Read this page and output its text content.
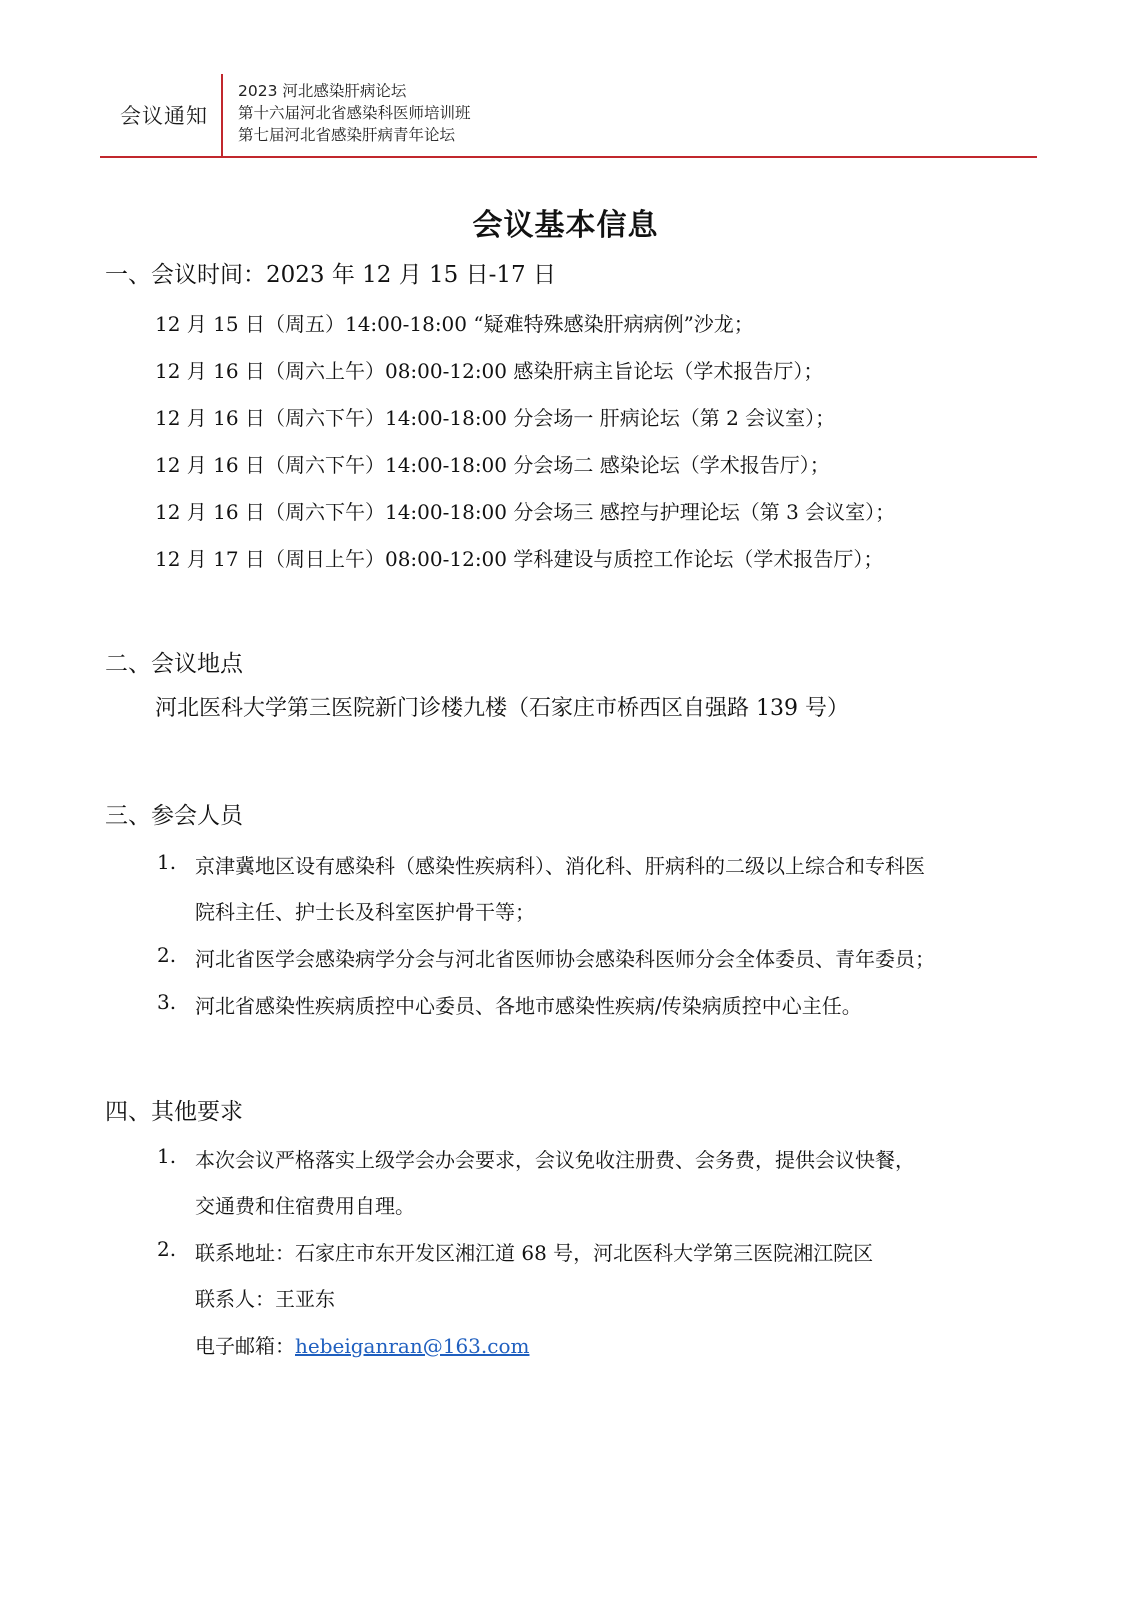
会议通知
2023 河北感染肝病论坛
第十六届河北省感染科医师培训班
第七届河北省感染肝病青年论坛
会议基本信息
一、会议时间：2023 年 12 月 15 日-17 日
12 月 15 日（周五）14:00-18:00 “疑难特殊感染肝病病例”沙龙；
12 月 16 日（周六上午）08:00-12:00 感染肝病主旨论坛（学术报告厅）；
12 月 16 日（周六下午）14:00-18:00 分会场一 肝病论坛（第 2 会议室）；
12 月 16 日（周六下午）14:00-18:00 分会场二 感染论坛（学术报告厅）；
12 月 16 日（周六下午）14:00-18:00 分会场三 感控与护理论坛（第 3 会议室）；
12 月 17 日（周日上午）08:00-12:00 学科建设与质控工作论坛（学术报告厅）；
二、会议地点
河北医科大学第三医院新门诊楼九楼（石家庄市桥西区自强路 139 号）
三、参会人员
1. 京津冀地区设有感染科（感染性疾病科）、消化科、肝病科的二级以上综合和专科医
院科主任、护士长及科室医护骨干等；
2. 河北省医学会感染病学分会与河北省医师协会感染科医师分会全体委员、青年委员；
3. 河北省感染性疾病质控中心委员、各地市感染性疾病/传染病质控中心主任。
四、其他要求
1. 本次会议严格落实上级学会办会要求，会议免收注册费、会务费，提供会议快餐，
交通费和住宿费用自理。
2. 联系地址：石家庄市东开发区湘江道 68 号，河北医科大学第三医院湘江院区
联系人：王亚东
电子邮箱：hebeiganran@163.com
